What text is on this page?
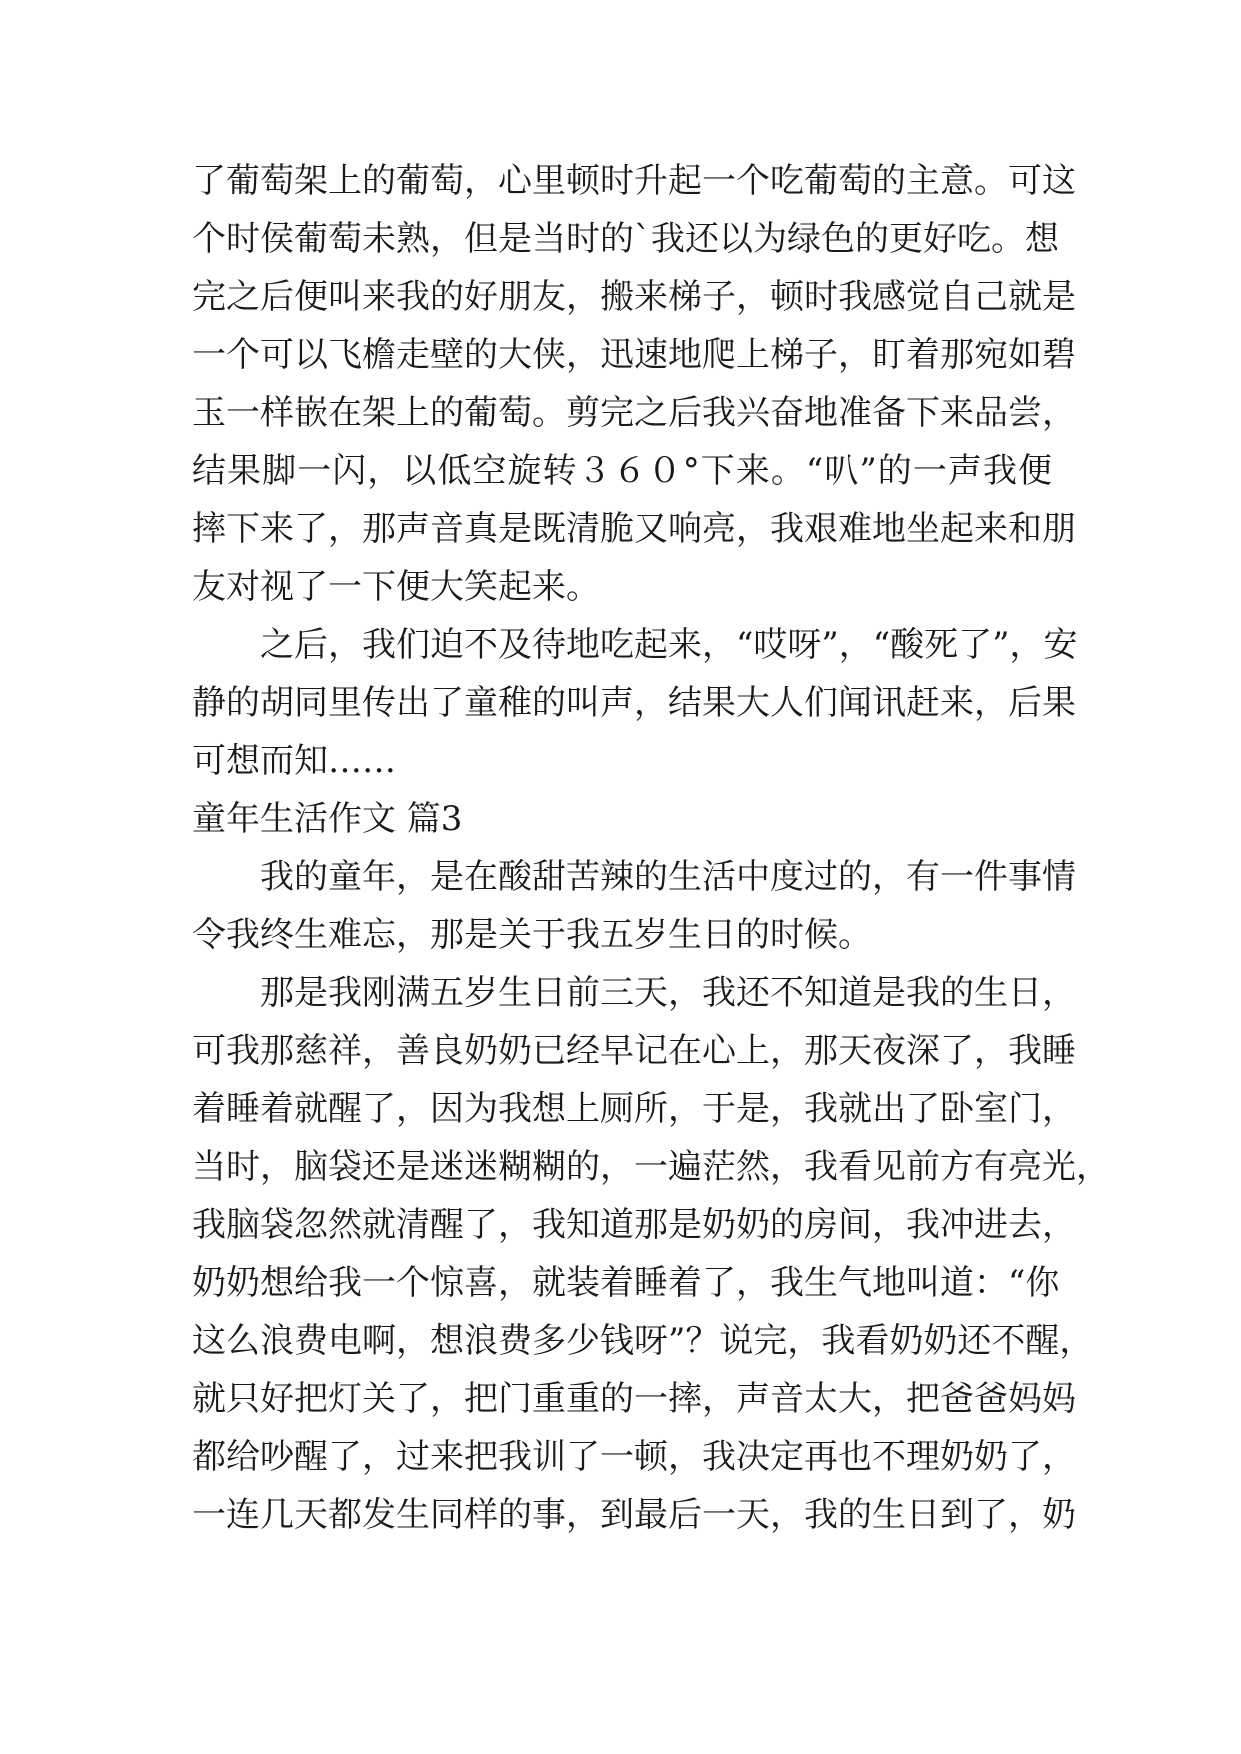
了葡萄架上的葡萄，心里顿时升起一个吃葡萄的主意。可这
个时侯葡萄未熟，但是当时的`我还以为绿色的更好吃。想
完之后便叫来我的好朋友，搬来梯子，顿时我感觉自己就是
一个可以飞檐走壁的大侠，迅速地爬上梯子，盯着那宛如碧
玉一样嵌在架上的葡萄。剪完之后我兴奋地准备下来品尝，
结果脚一闪，以低空旋转３６０°下来。“叭”的一声我便
摔下来了，那声音真是既清脆又响亮，我艰难地坐起来和朋
友对视了一下便大笑起来。
之后，我们迫不及待地吃起来，“哎呀”，“酸死了”，安
静的胡同里传出了童稚的叫声，结果大人们闻讯赶来，后果
可想而知……
童年生活作文 篇3
我的童年，是在酸甜苦辣的生活中度过的，有一件事情
令我终生难忘，那是关于我五岁生日的时候。
那是我刚满五岁生日前三天，我还不知道是我的生日，
可我那慈祥，善良奶奶已经早记在心上，那天夜深了，我睡
着睡着就醒了，因为我想上厕所，于是，我就出了卧室门，
当时，脑袋还是迷迷糊糊的，一遍茫然，我看见前方有亮光，
我脑袋忽然就清醒了，我知道那是奶奶的房间，我冲进去，
奶奶想给我一个惊喜，就装着睡着了，我生气地叫道：“你
这么浪费电啊，想浪费多少钱呀”？说完，我看奶奶还不醒，
就只好把灯关了，把门重重的一摔，声音太大，把爸爸妈妈
都给吵醒了，过来把我训了一顿，我决定再也不理奶奶了，
一连几天都发生同样的事，到最后一天，我的生日到了，奶
